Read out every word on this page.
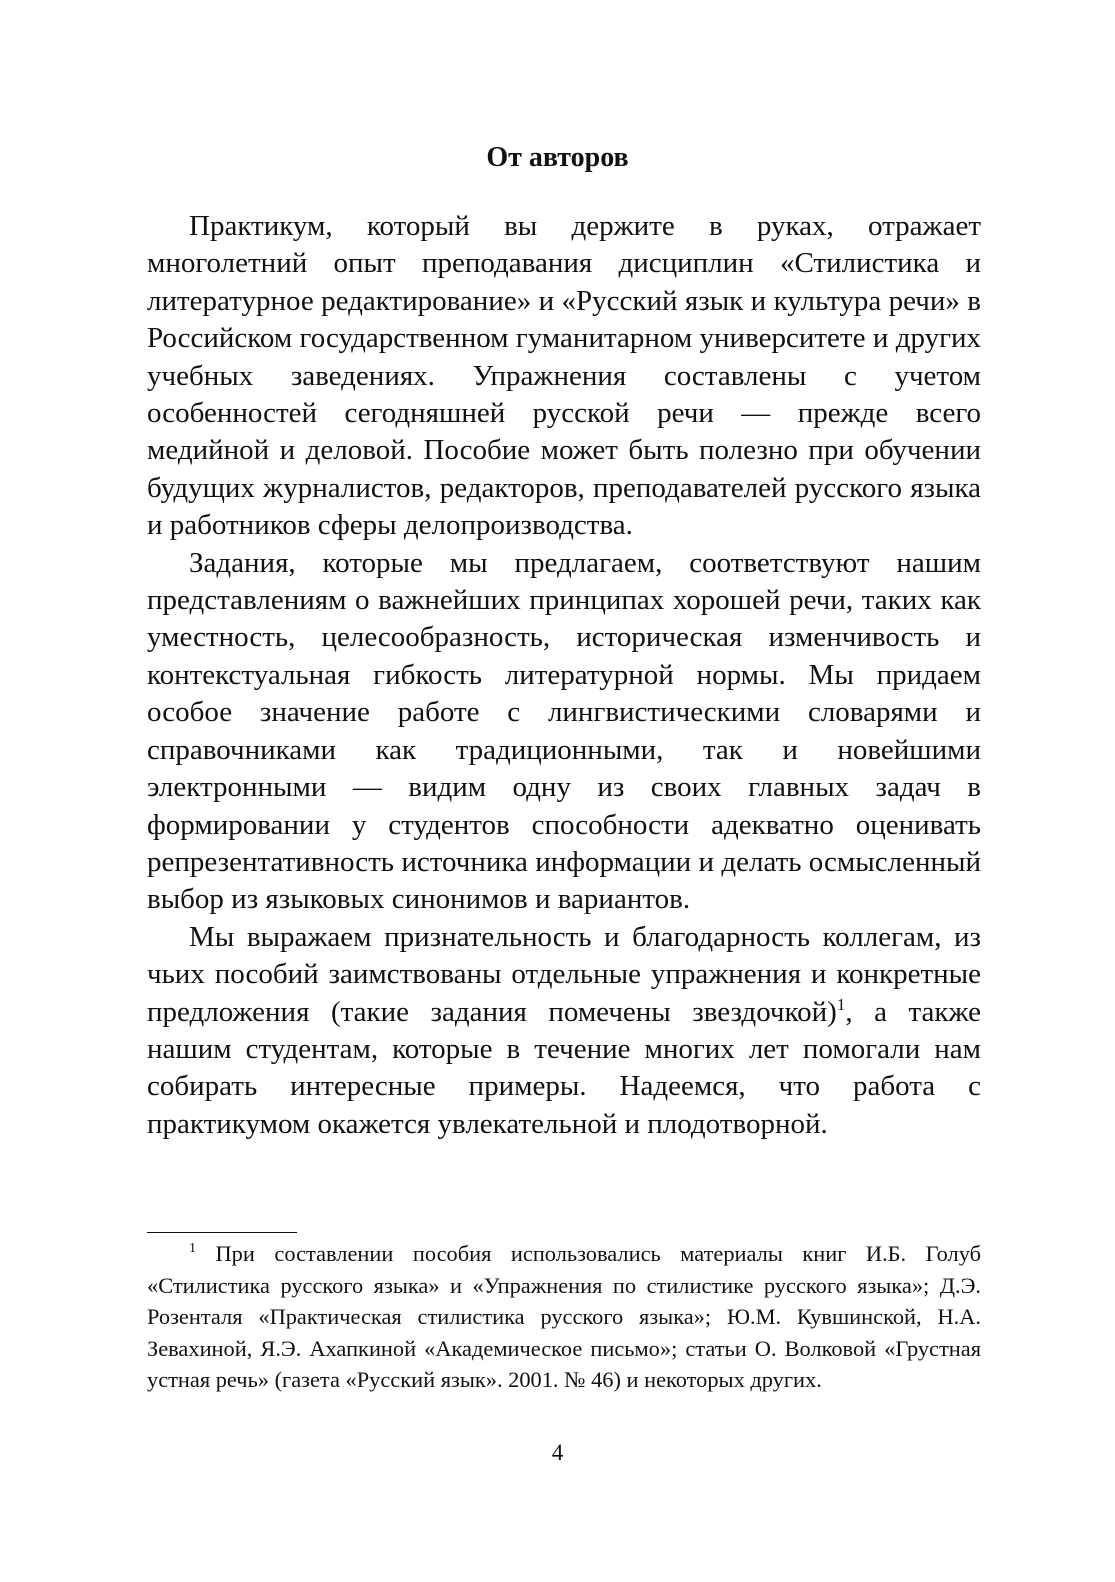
От авторов

Практикум, который вы держите в руках, отражает многолетний опыт преподавания дисциплин «Стилистика и литературное редактирование» и «Русский язык и культура речи» в Российском государственном гуманитарном университете и других учебных заведениях. Упражнения составлены с учетом особенностей сегодняшней русской речи — прежде всего медийной и деловой. Пособие может быть полезно при обучении будущих журналистов, редакторов, преподавателей русского языка и работников сферы делопроизводства.

Задания, которые мы предлагаем, соответствуют нашим представлениям о важнейших принципах хорошей речи, таких как уместность, целесообразность, историческая изменчивость и контекстуальная гибкость литературной нормы. Мы придаем особое значение работе с лингвистическими словарями и справочниками как традиционными, так и новейшими электронными — видим одну из своих главных задач в формировании у студентов способности адекватно оценивать репрезентативность источника информации и делать осмысленный выбор из языковых синонимов и вариантов.

Мы выражаем признательность и благодарность коллегам, из чьих пособий заимствованы отдельные упражнения и конкретные предложения (такие задания помечены звездочкой)$^1$, а также нашим студентам, которые в течение многих лет помогали нам собирать интересные примеры. Надеемся, что работа с практикумом окажется увлекательной и плодотворной.

$^1$ При составлении пособия использовались материалы книг И.Б. Голуб «Стилистика русского языка» и «Упражнения по стилистике русского языка»; Д.Э. Розенталя «Практическая стилистика русского языка»; Ю.М. Кувшинской, Н.А. Зевахиной, Я.Э. Ахапкиной «Академическое письмо»; статьи О. Волковой «Грустная устная речь» (газета «Русский язык». 2001. № 46) и некоторых других.

4
